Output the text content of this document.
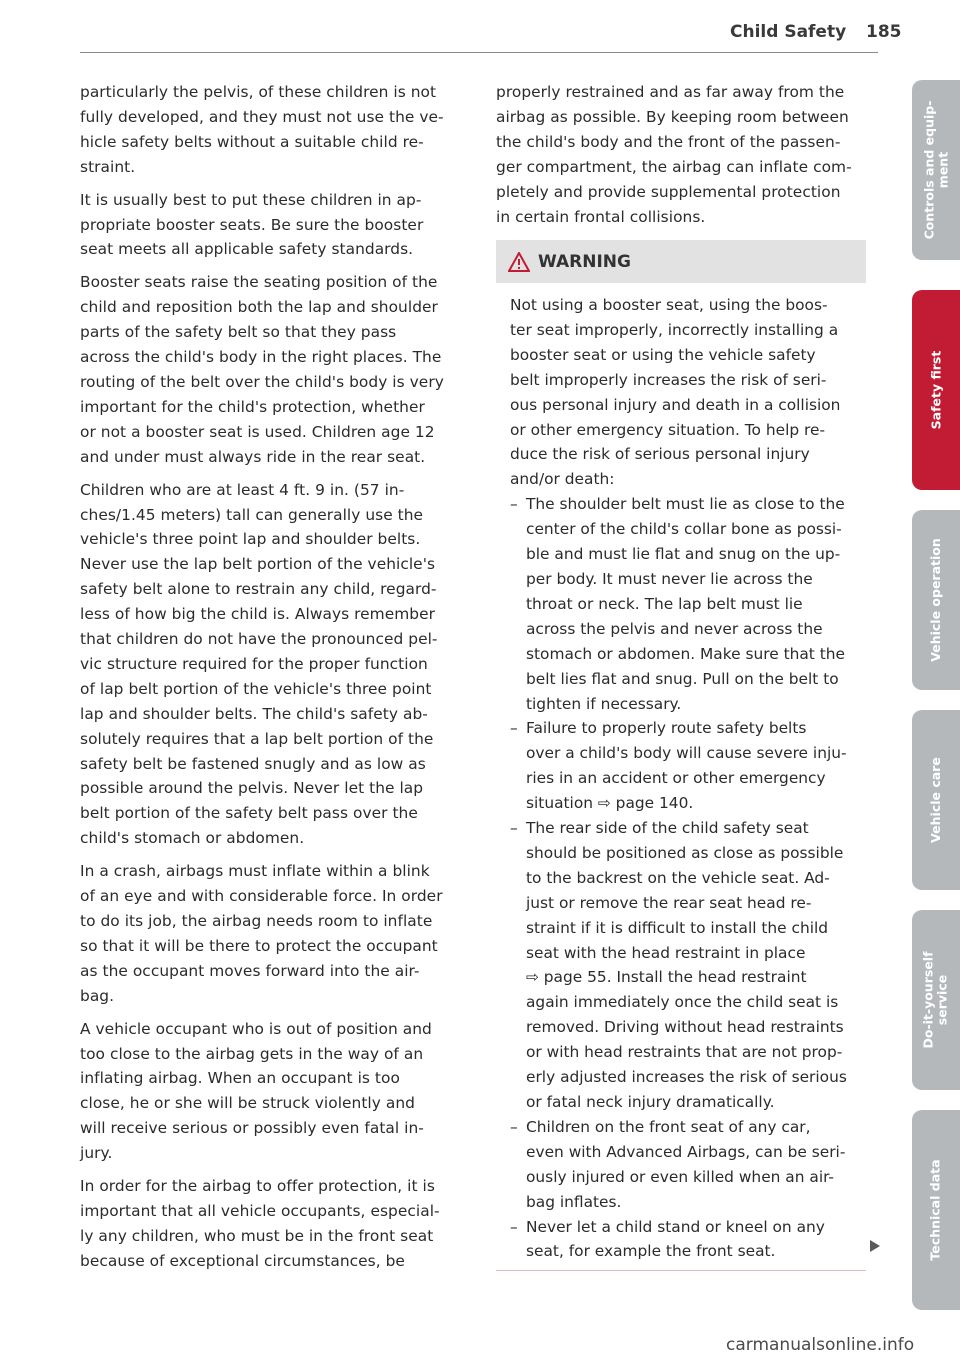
Child Safety 185

particularly the pelvis, of these children is not
fully developed, and they must not use the ve-
hicle safety belts without a suitable child re-
straint.

It is usually best to put these children in ap-
propriate booster seats. Be sure the booster
seat meets all applicable safety standards.

Booster seats raise the seating position of the
child and reposition both the lap and shoulder
parts of the safety belt so that they pass
across the child's body in the right places. The
routing of the belt over the child's body is very
important for the child's protection, whether
or not a booster seat is used. Children age 12
and under must always ride in the rear seat.

Children who are at least 4 ft. 9 in. (57 in-
ches/1.45 meters) tall can generally use the
vehicle's three point lap and shoulder belts.
Never use the lap belt portion of the vehicle's
safety belt alone to restrain any child, regard-
less of how big the child is. Always remember
that children do not have the pronounced pel-
vic structure required for the proper function
of lap belt portion of the vehicle's three point
lap and shoulder belts. The child's safety ab-
solutely requires that a lap belt portion of the
safety belt be fastened snugly and as low as
possible around the pelvis. Never let the lap
belt portion of the safety belt pass over the
child's stomach or abdomen.

In a crash, airbags must inflate within a blink
of an eye and with considerable force. In order
to do its job, the airbag needs room to inflate
so that it will be there to protect the occupant
as the occupant moves forward into the air-
bag.

A vehicle occupant who is out of position and
too close to the airbag gets in the way of an
inflating airbag. When an occupant is too
close, he or she will be struck violently and
will receive serious or possibly even fatal in-
jury.

In order for the airbag to offer protection, it is
important that all vehicle occupants, especial-
ly any children, who must be in the front seat
because of exceptional circumstances, be

properly restrained and as far away from the
airbag as possible. By keeping room between
the child's body and the front of the passen-
ger compartment, the airbag can inflate com-
pletely and provide supplemental protection
in certain frontal collisions.

WARNING

Not using a booster seat, using the boos-
ter seat improperly, incorrectly installing a
booster seat or using the vehicle safety
belt improperly increases the risk of seri-
ous personal injury and death in a collision
or other emergency situation. To help re-
duce the risk of serious personal injury
and/or death:

– The shoulder belt must lie as close to the
center of the child's collar bone as possi-
ble and must lie flat and snug on the up-
per body. It must never lie across the
throat or neck. The lap belt must lie
across the pelvis and never across the
stomach or abdomen. Make sure that the
belt lies flat and snug. Pull on the belt to
tighten if necessary.
– Failure to properly route safety belts
over a child's body will cause severe inju-
ries in an accident or other emergency
situation ⇨ page 140.
– The rear side of the child safety seat
should be positioned as close as possible
to the backrest on the vehicle seat. Ad-
just or remove the rear seat head re-
straint if it is difficult to install the child
seat with the head restraint in place
⇨ page 55. Install the head restraint
again immediately once the child seat is
removed. Driving without head restraints
or with head restraints that are not prop-
erly adjusted increases the risk of serious
or fatal neck injury dramatically.
– Children on the front seat of any car,
even with Advanced Airbags, can be seri-
ously injured or even killed when an air-
bag inflates.
– Never let a child stand or kneel on any
seat, for example the front seat.
Controls and equip-
ment
Safety first
Vehicle operation
Vehicle care
Do-it-yourself
service
Technical data
carmanualsonline.info
